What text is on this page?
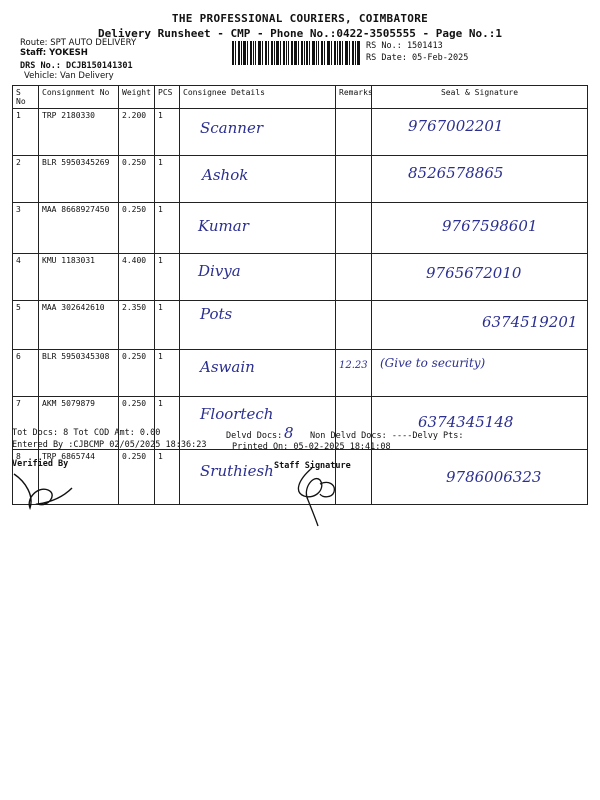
THE PROFESSIONAL COURIERS, COIMBATORE
Delivery Runsheet - CMP - Phone No.:0422-3505555 - Page No.:1
Route: SPT AUTO DELIVERY
Staff: YOKESH
DRS No.: DCJB150141301
Vehicle: Van Delivery
RS No.: 1501413
RS Date: 05-Feb-2025
S No	Consignment No	Weight	PCS	Consignee Details	Remarks	Seal & Signature
1	TRP 2180330	2.200	1	Scanner		9767002201
2	BLR 5950345269	0.250	1	Ashok		8526578865
3	MAA 8668927450	0.250	1	Kumar		9767598601
4	KMU 1183031	4.400	1	Divya		9765672010
5	MAA 302642610	2.350	1	Pots		6374519201
6	BLR 5950345308	0.250	1	Aswain	12.23	(Give to security)
7	AKM 5079879	0.250	1	Floortech		6374345148
8	TRP 6865744	0.250	1	Sruthiesh		9786006323
Tot Docs: 8 Tot COD Amt: 0.00	Delvd Docs: 8 Non Delvd Docs: ----Delvy Pts:
Entered By :CJBCMP 02/05/2025 18:36:23	Printed On: 05-02-2025 18:41:08
Verified By	Staff Signature
